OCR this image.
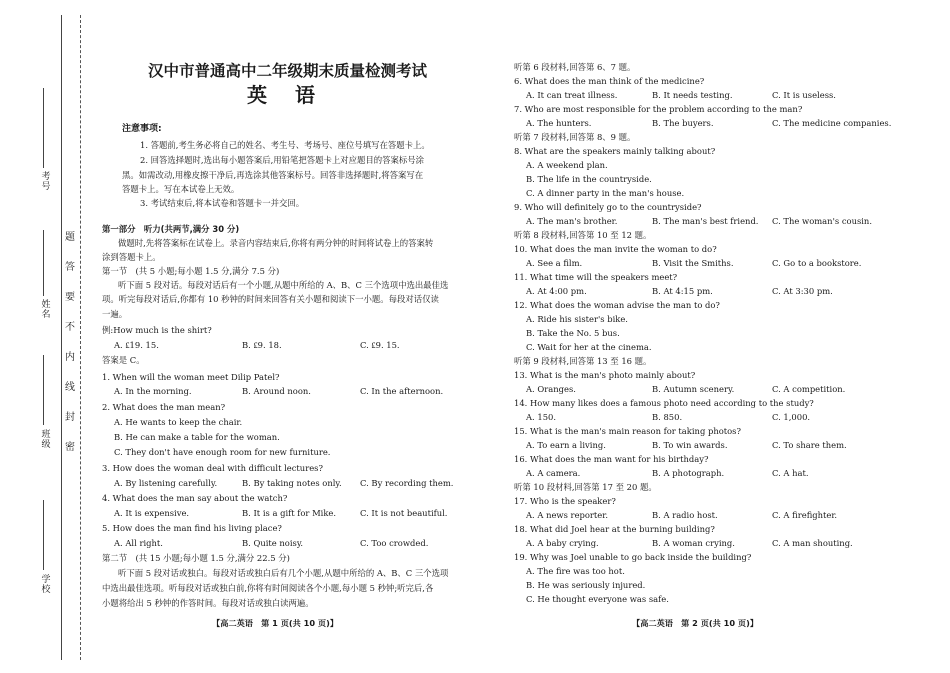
考号
姓名
班级
学校
题
答
要
不
内
线
封
密
汉中市普通高中二年级期末质量检测考试
英语
注意事项:
1. 答题前,考生务必将自己的姓名、考生号、考场号、座位号填写在答题卡上。
2. 回答选择题时,选出每小题答案后,用铅笔把答题卡上对应题目的答案标号涂
黑。如需改动,用橡皮擦干净后,再选涂其他答案标号。回答非选择题时,将答案写在
答题卡上。写在本试卷上无效。
3. 考试结束后,将本试卷和答题卡一并交回。
第一部分　听力(共两节,满分 30 分)
做题时,先将答案标在试卷上。录音内容结束后,你将有两分钟的时间将试卷上的答案转
涂到答题卡上。
第一节　(共 5 小题;每小题 1.5 分,满分 7.5 分)
听下面 5 段对话。每段对话后有一个小题,从题中所给的 A、B、C 三个选项中选出最佳选
项。听完每段对话后,你都有 10 秒钟的时间来回答有关小题和阅读下一小题。每段对话仅读
一遍。
例:How much is the shirt?
A. ₤19. 15.	B. ₤9. 18.	C. ₤9. 15.
答案是 C。
1. When will the woman meet Dilip Patel?
A. In the morning.	B. Around noon.	C. In the afternoon.
2. What does the man mean?
A. He wants to keep the chair.
B. He can make a table for the woman.
C. They don't have enough room for new furniture.
3. How does the woman deal with difficult lectures?
A. By listening carefully.	B. By taking notes only. C. By recording them.
4. What does the man say about the watch?
A. It is expensive.	B. It is a gift for Mike.	C. It is not beautiful.
5. How does the man find his living place?
A. All right.	B. Quite noisy.	C. Too crowded.
第二节　(共 15 小题;每小题 1.5 分,满分 22.5 分)
听下面 5 段对话或独白。每段对话或独白后有几个小题,从题中所给的 A、B、C 三个选项
中选出最佳选项。听每段对话或独白前,你将有时间阅读各个小题,每小题 5 秒钟;听完后,各
小题将给出 5 秒钟的作答时间。每段对话或独白读两遍。
【高二英语　第 1 页(共 10 页)】
听第 6 段材料,回答第 6、7 题。
6. What does the man think of the medicine?
A. It can treat illness.	B. It needs testing.	C. It is useless.
7. Who are most responsible for the problem according to the man?
A. The hunters.	B. The buyers.	C. The medicine companies.
听第 7 段材料,回答第 8、9 题。
8. What are the speakers mainly talking about?
A. A weekend plan.
B. The life in the countryside.
C. A dinner party in the man's house.
9. Who will definitely go to the countryside?
A. The man's brother.	B. The man's best friend. C. The woman's cousin.
听第 8 段材料,回答第 10 至 12 题。
10. What does the man invite the woman to do?
A. See a film.	B. Visit the Smiths.	C. Go to a bookstore.
11. What time will the speakers meet?
A. At 4:00 pm.	B. At 4:15 pm.	C. At 3:30 pm.
12. What does the woman advise the man to do?
A. Ride his sister's bike.
B. Take the No. 5 bus.
C. Wait for her at the cinema.
听第 9 段材料,回答第 13 至 16 题。
13. What is the man's photo mainly about?
A. Oranges.	B. Autumn scenery.	C. A competition.
14. How many likes does a famous photo need according to the study?
A. 150.	B. 850.	C. 1,000.
15. What is the man's main reason for taking photos?
A. To earn a living.	B. To win awards.	C. To share them.
16. What does the man want for his birthday?
A. A camera.	B. A photograph.	C. A hat.
听第 10 段材料,回答第 17 至 20 题。
17. Who is the speaker?
A. A news reporter.	B. A radio host.	C. A firefighter.
18. What did Joel hear at the burning building?
A. A baby crying.	B. A woman crying.	C. A man shouting.
19. Why was Joel unable to go back inside the building?
A. The fire was too hot.
B. He was seriously injured.
C. He thought everyone was safe.
【高二英语　第 2 页(共 10 页)】
